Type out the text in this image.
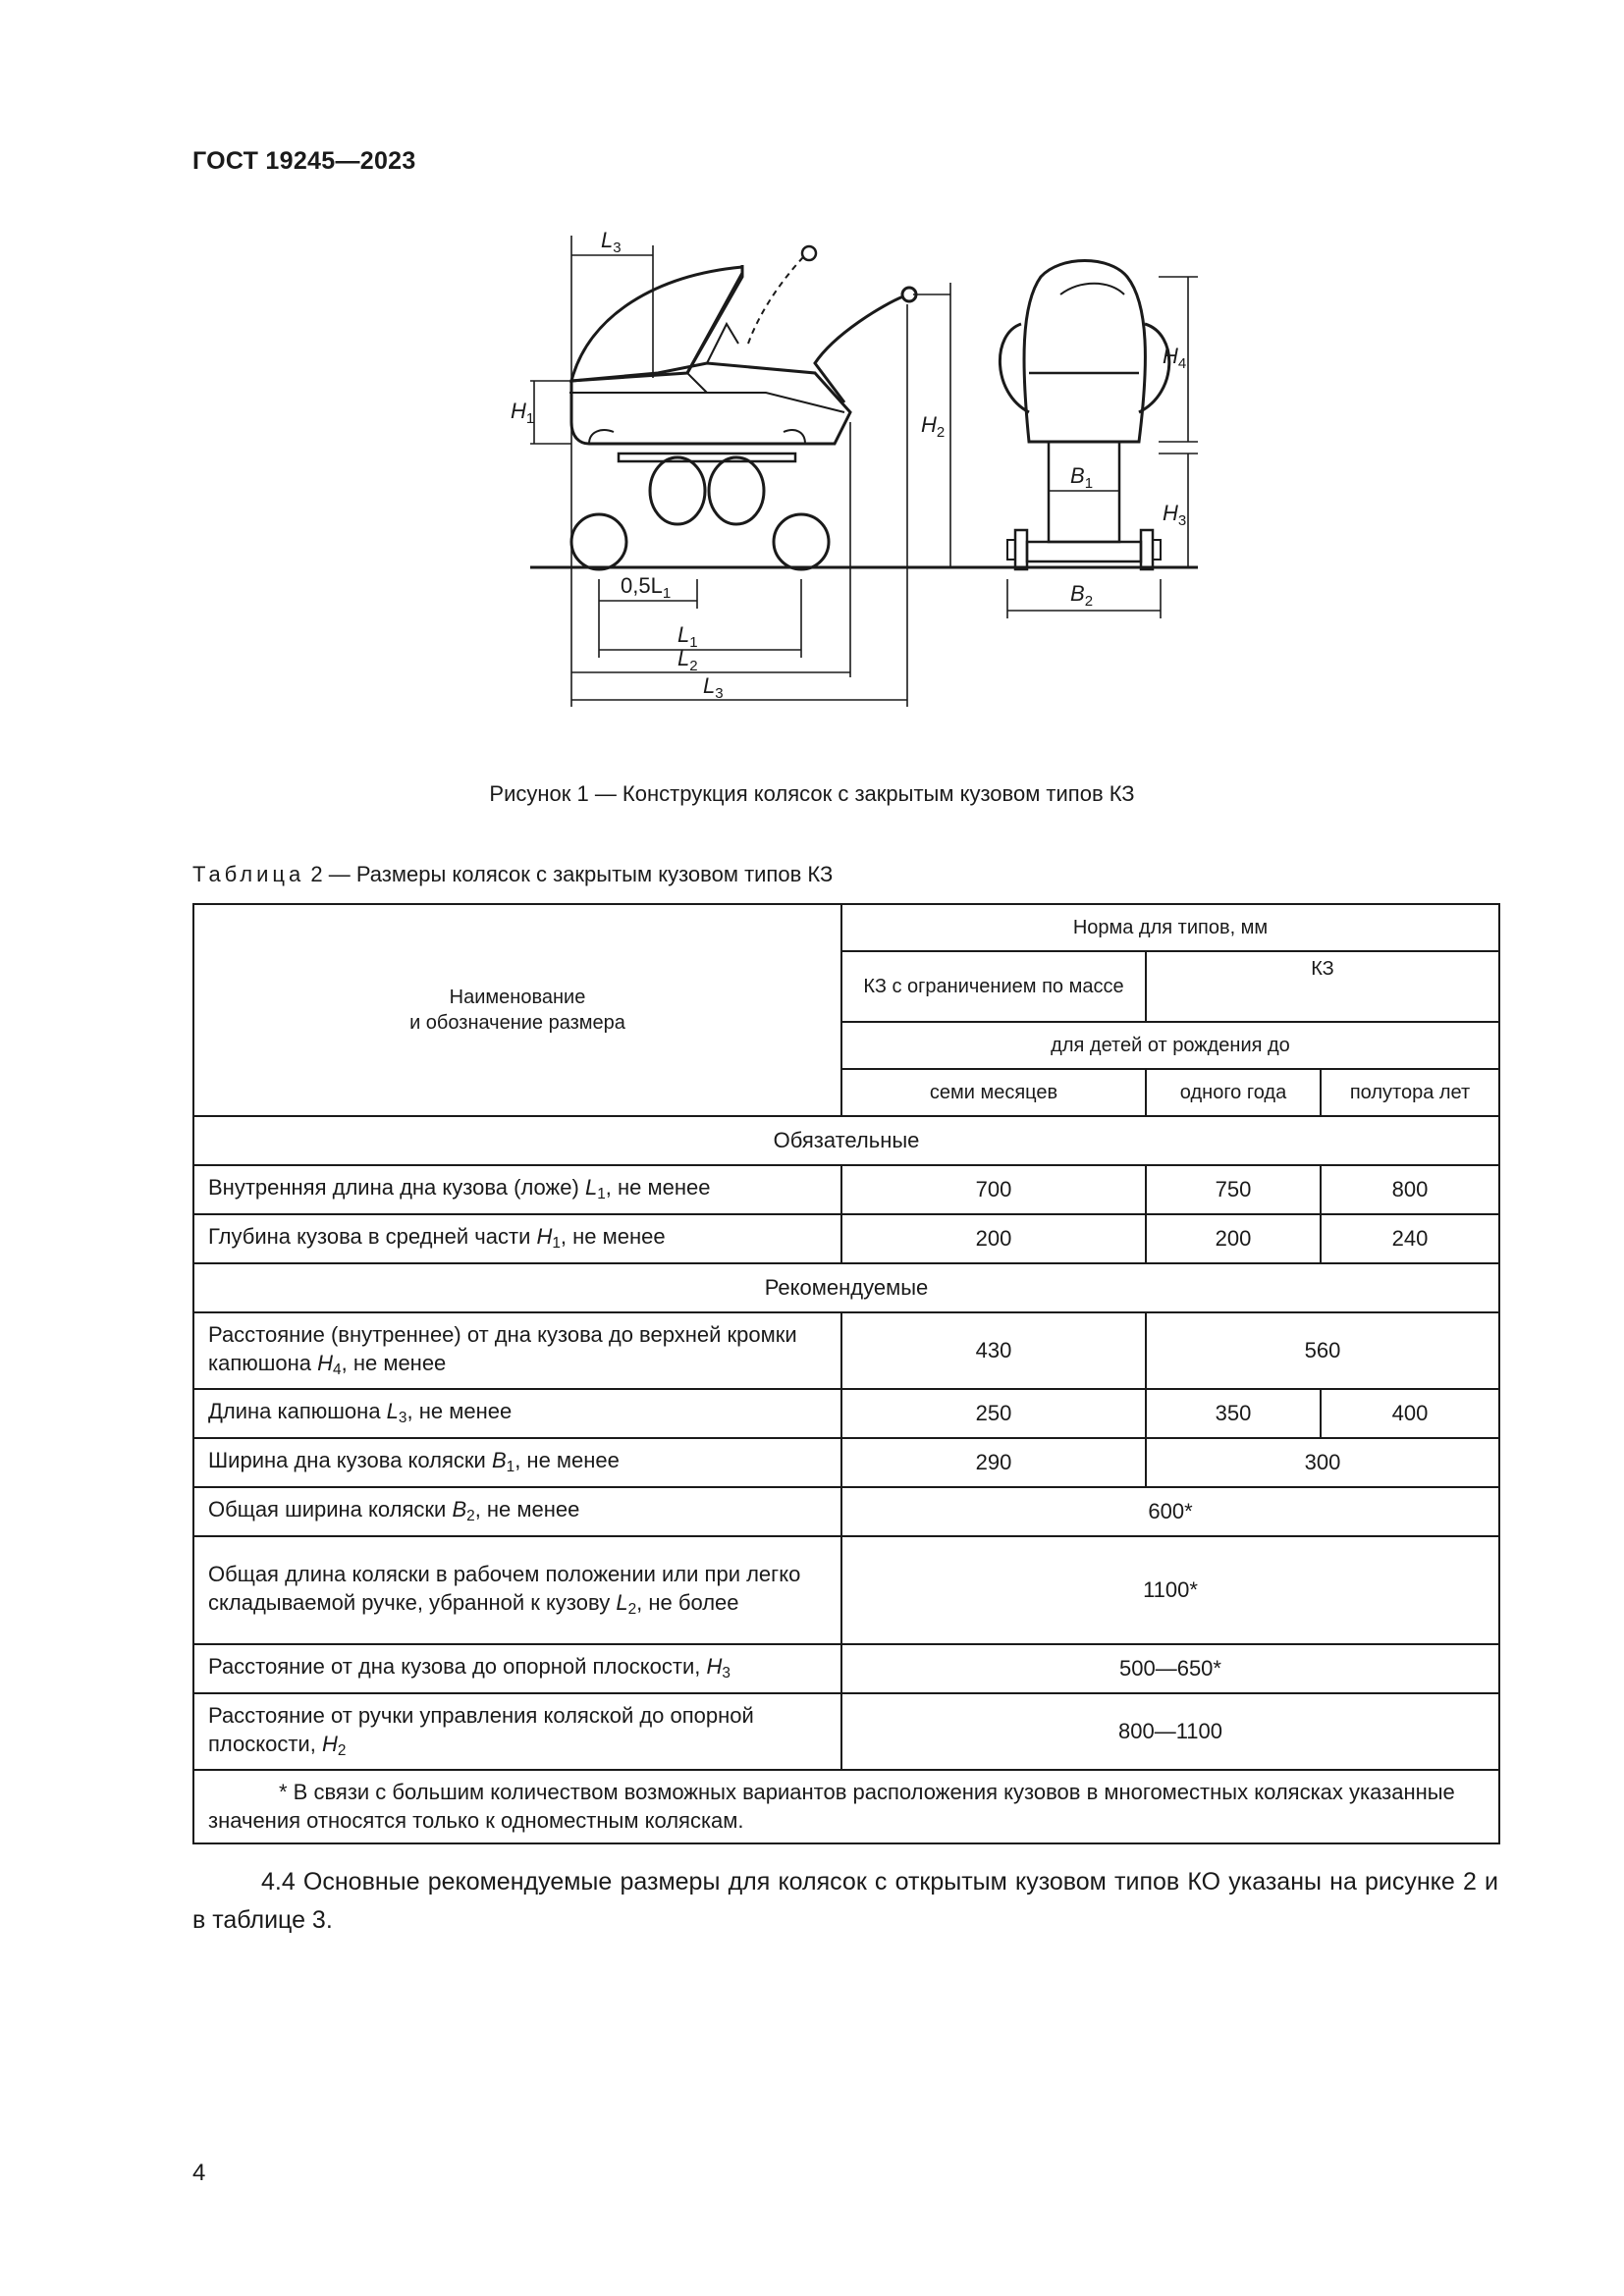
ГОСТ 19245—2023
$L_3$
$H_1$	$H_2$
$H_4$
$H_3$
$B_1$
$B_2$
$0,5L_1$
$L_1$
$L_2$
$L_3$
Рисунок 1 — Конструкция колясок с закрытым кузовом типов КЗ
Таблица 2 — Размеры колясок с закрытым кузовом типов КЗ
Наименование
и обозначение размера	Норма для типов, мм		
	КЗ с ограничением по массе	КЗ	
	для детей от рождения до		
	семи месяцев	одного года	полутора лет
Обязательные			
Внутренняя длина дна кузова (ложе) $L_1$, не менее	700	750	800
Глубина кузова в средней части $H_1$, не менее	200	200	240
Рекомендуемые			
Расстояние (внутреннее) от дна кузова до верхней кромки капюшона $H_4$, не менее	430	560	
Длина капюшона $L_3$, не менее	250	350	400
Ширина дна кузова коляски $B_1$, не менее	290	300	
Общая ширина коляски $B_2$, не менее	600*		
Общая длина коляски в рабочем положении или при легко складываемой ручке, убранной к кузову $L_2$, не более	1100*		
Расстояние от дна кузова до опорной плоскости, $H_3$	500—650*		
Расстояние от ручки управления коляской до опорной плоскости, $H_2$	800—1100		
* В связи с большим количеством возможных вариантов расположения кузовов в многоместных колясках указанные значения относятся только к одноместным коляскам.			
4.4 Основные рекомендуемые размеры для колясок с открытым кузовом типов КО указаны на рисунке 2 и в таблице 3.
4
